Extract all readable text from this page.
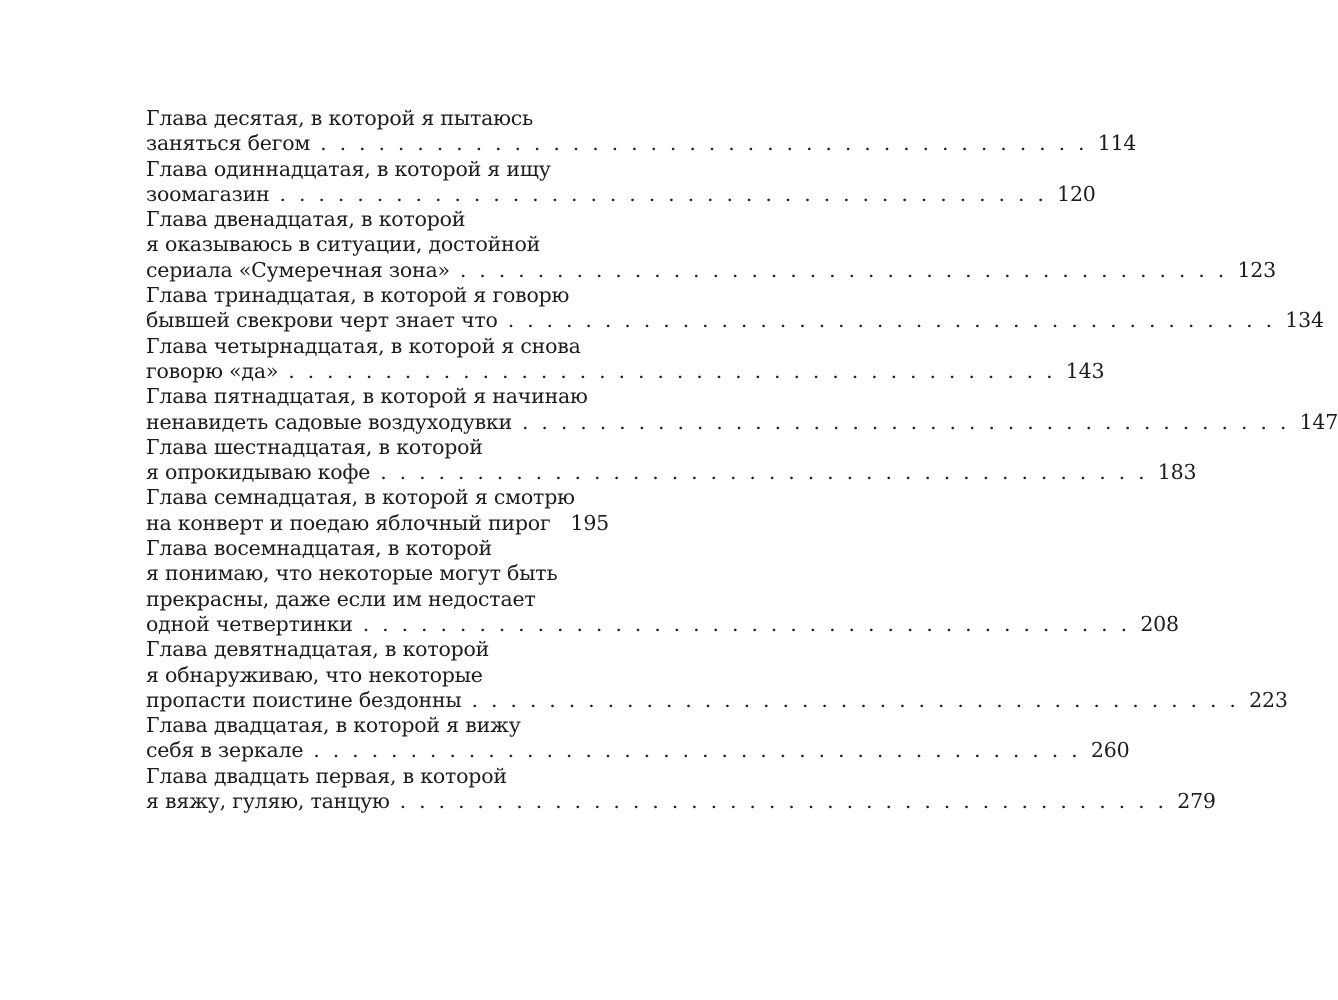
Глава десятая, в которой я пытаюсь
заняться бегом . . . . . . . . . . . . . . . . . . . . . . . . . . . . . . . . . . . . . . . . 114
Глава одиннадцатая, в которой я ищу
зоомагазин . . . . . . . . . . . . . . . . . . . . . . . . . . . . . . . . . . . . . . . . 120
Глава двенадцатая, в которой
я оказываюсь в ситуации, достойной
сериала «Сумеречная зона» . . . . . . . . . . . . . . . . . . . . . . . . . . . . . . . . . . . . . . . . 123
Глава тринадцатая, в которой я говорю
бывшей свекрови черт знает что . . . . . . . . . . . . . . . . . . . . . . . . . . . . . . . . . . . . . . . . 134
Глава четырнадцатая, в которой я снова
говорю «да» . . . . . . . . . . . . . . . . . . . . . . . . . . . . . . . . . . . . . . . . 143
Глава пятнадцатая, в которой я начинаю
ненавидеть садовые воздуходувки . . . . . . . . . . . . . . . . . . . . . . . . . . . . . . . . . . . . . . . . 147
Глава шестнадцатая, в которой
я опрокидываю кофе . . . . . . . . . . . . . . . . . . . . . . . . . . . . . . . . . . . . . . . . 183
Глава семнадцатая, в которой я смотрю
на конверт и поедаю яблочный пирог 195
Глава восемнадцатая, в которой
я понимаю, что некоторые могут быть
прекрасны, даже если им недостает
одной четвертинки . . . . . . . . . . . . . . . . . . . . . . . . . . . . . . . . . . . . . . . . 208
Глава девятнадцатая, в которой
я обнаруживаю, что некоторые
пропасти поистине бездонны . . . . . . . . . . . . . . . . . . . . . . . . . . . . . . . . . . . . . . . . 223
Глава двадцатая, в которой я вижу
себя в зеркале . . . . . . . . . . . . . . . . . . . . . . . . . . . . . . . . . . . . . . . . 260
Глава двадцать первая, в которой
я вяжу, гуляю, танцую . . . . . . . . . . . . . . . . . . . . . . . . . . . . . . . . . . . . . . . . 279
